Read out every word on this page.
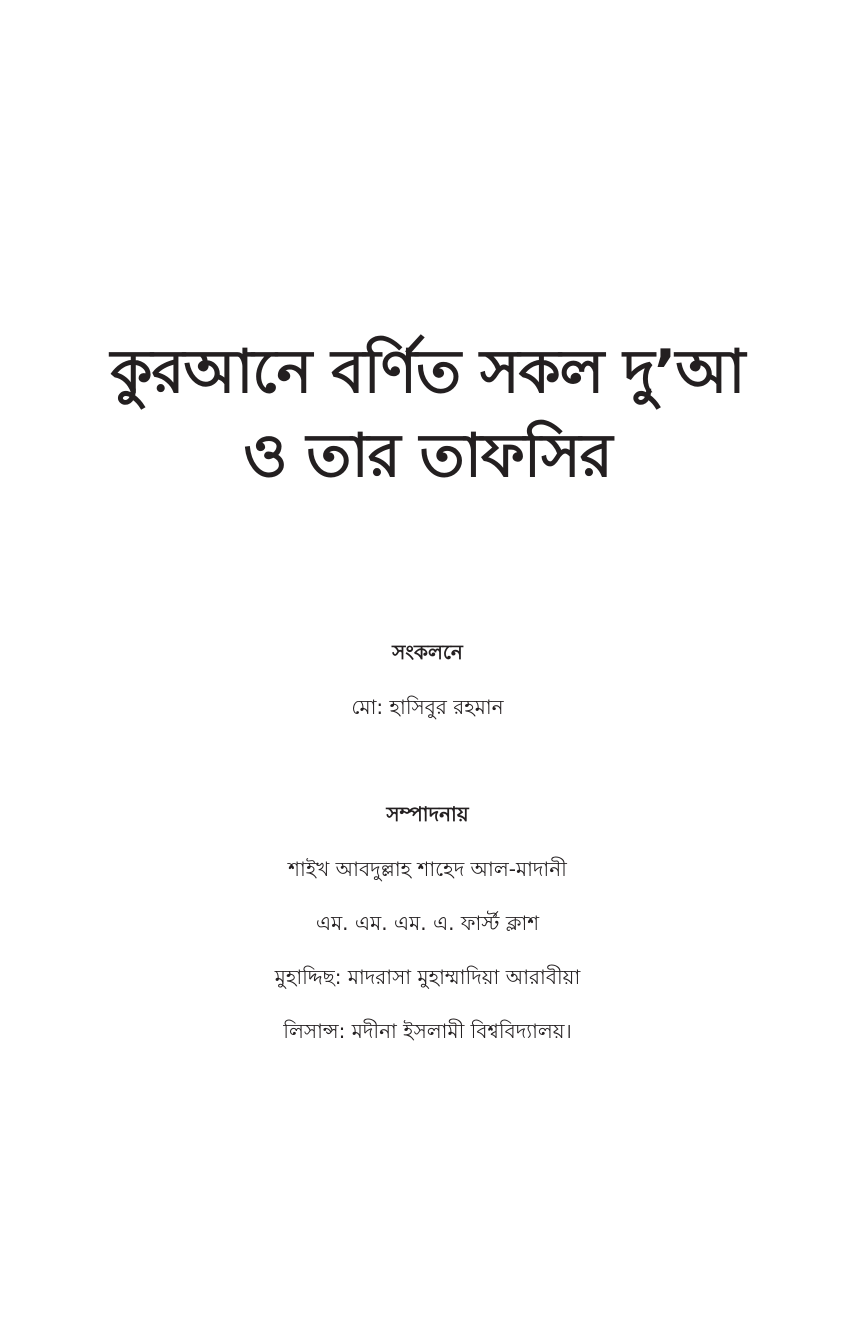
কুরআনে বর্ণিত সকল দু’আ
ও তার তাফসির
সংকলনে
মো: হাসিবুর রহমান
সম্পাদনায়
শাইখ আবদুল্লাহ শাহেদ আল-মাদানী
এম. এম. এম. এ. ফার্স্ট ক্লাশ
মুহাদ্দিছ: মাদরাসা মুহাম্মাদিয়া আরাবীয়া
লিসান্স: মদীনা ইসলামী বিশ্ববিদ্যালয়।
